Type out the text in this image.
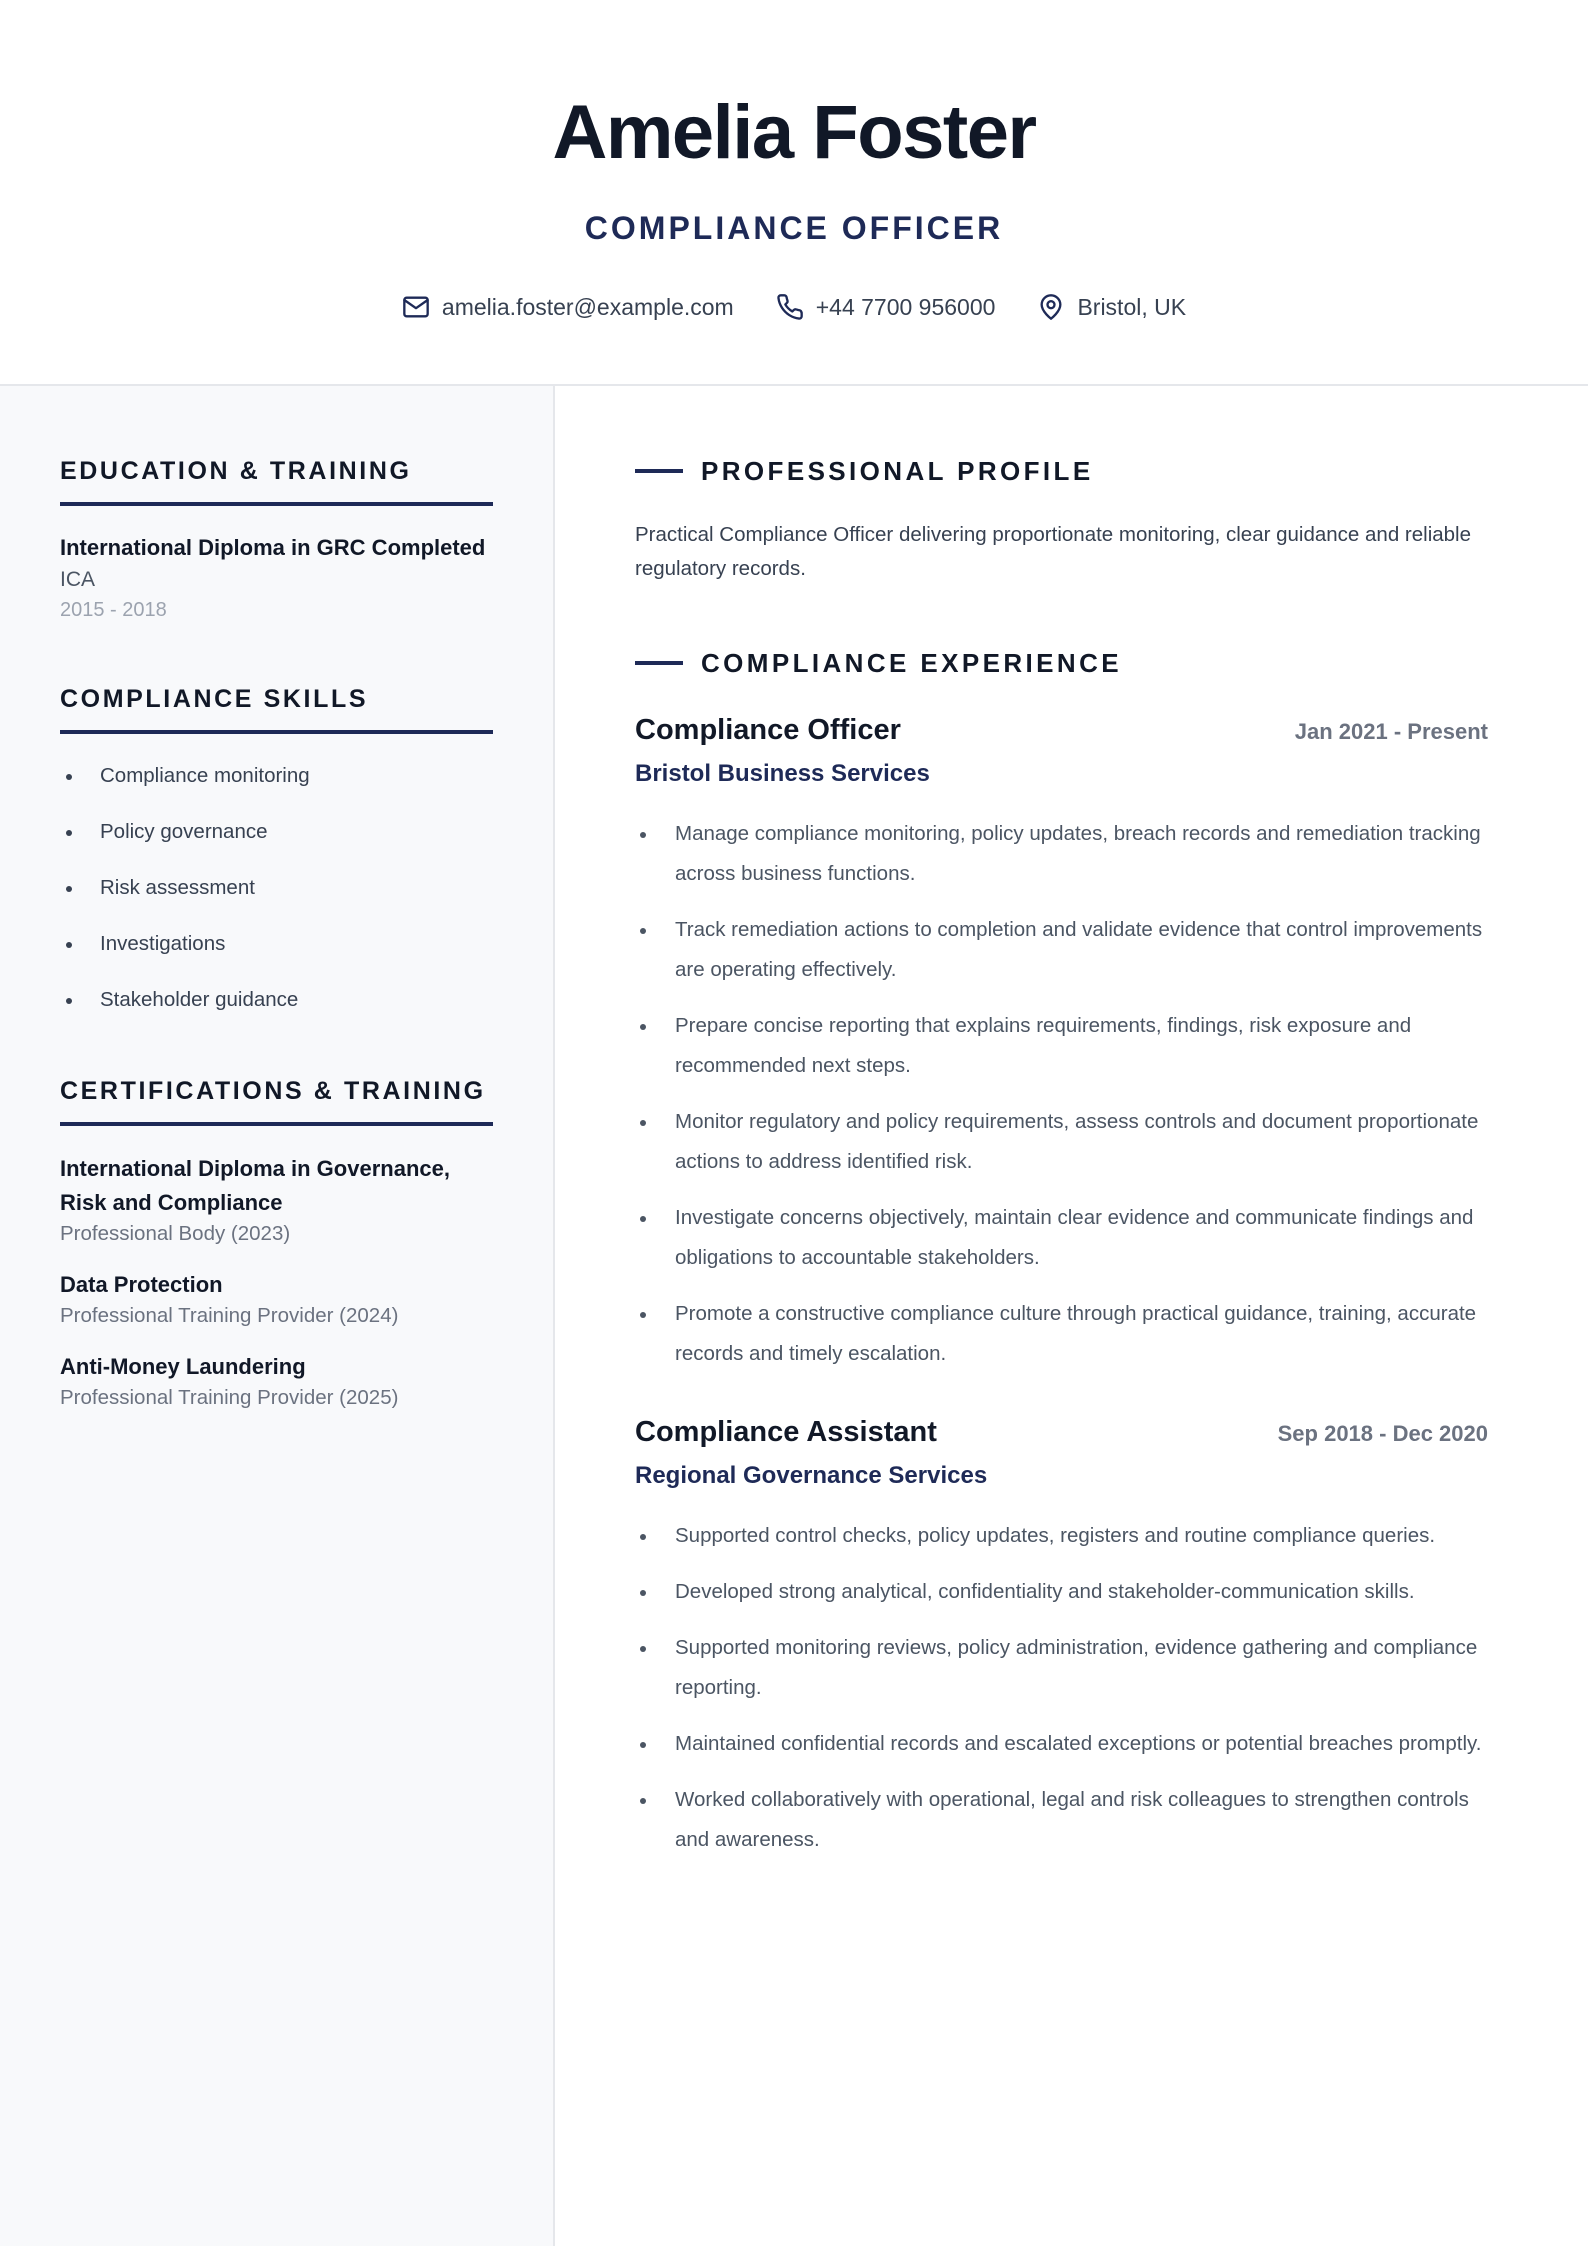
Amelia Foster
COMPLIANCE OFFICER
amelia.foster@example.com	+44 7700 956000	Bristol, UK
EDUCATION & TRAINING
International Diploma in GRC Completed
ICA
2015 - 2018
COMPLIANCE SKILLS
Compliance monitoring
Policy governance
Risk assessment
Investigations
Stakeholder guidance
CERTIFICATIONS & TRAINING
International Diploma in Governance, Risk and Compliance
Professional Body (2023)
Data Protection
Professional Training Provider (2024)
Anti-Money Laundering
Professional Training Provider (2025)
PROFESSIONAL PROFILE

Practical Compliance Officer delivering proportionate monitoring, clear guidance and reliable regulatory records.

COMPLIANCE EXPERIENCE
Compliance Officer	Jan 2021 - Present
Bristol Business Services
Manage compliance monitoring, policy updates, breach records and remediation tracking across business functions.
Track remediation actions to completion and validate evidence that control improvements are operating effectively.
Prepare concise reporting that explains requirements, findings, risk exposure and recommended next steps.
Monitor regulatory and policy requirements, assess controls and document proportionate actions to address identified risk.
Investigate concerns objectively, maintain clear evidence and communicate findings and obligations to accountable stakeholders.
Promote a constructive compliance culture through practical guidance, training, accurate records and timely escalation.
Compliance Assistant	Sep 2018 - Dec 2020
Regional Governance Services
Supported control checks, policy updates, registers and routine compliance queries.
Developed strong analytical, confidentiality and stakeholder-communication skills.
Supported monitoring reviews, policy administration, evidence gathering and compliance reporting.
Maintained confidential records and escalated exceptions or potential breaches promptly.
Worked collaboratively with operational, legal and risk colleagues to strengthen controls and awareness.
